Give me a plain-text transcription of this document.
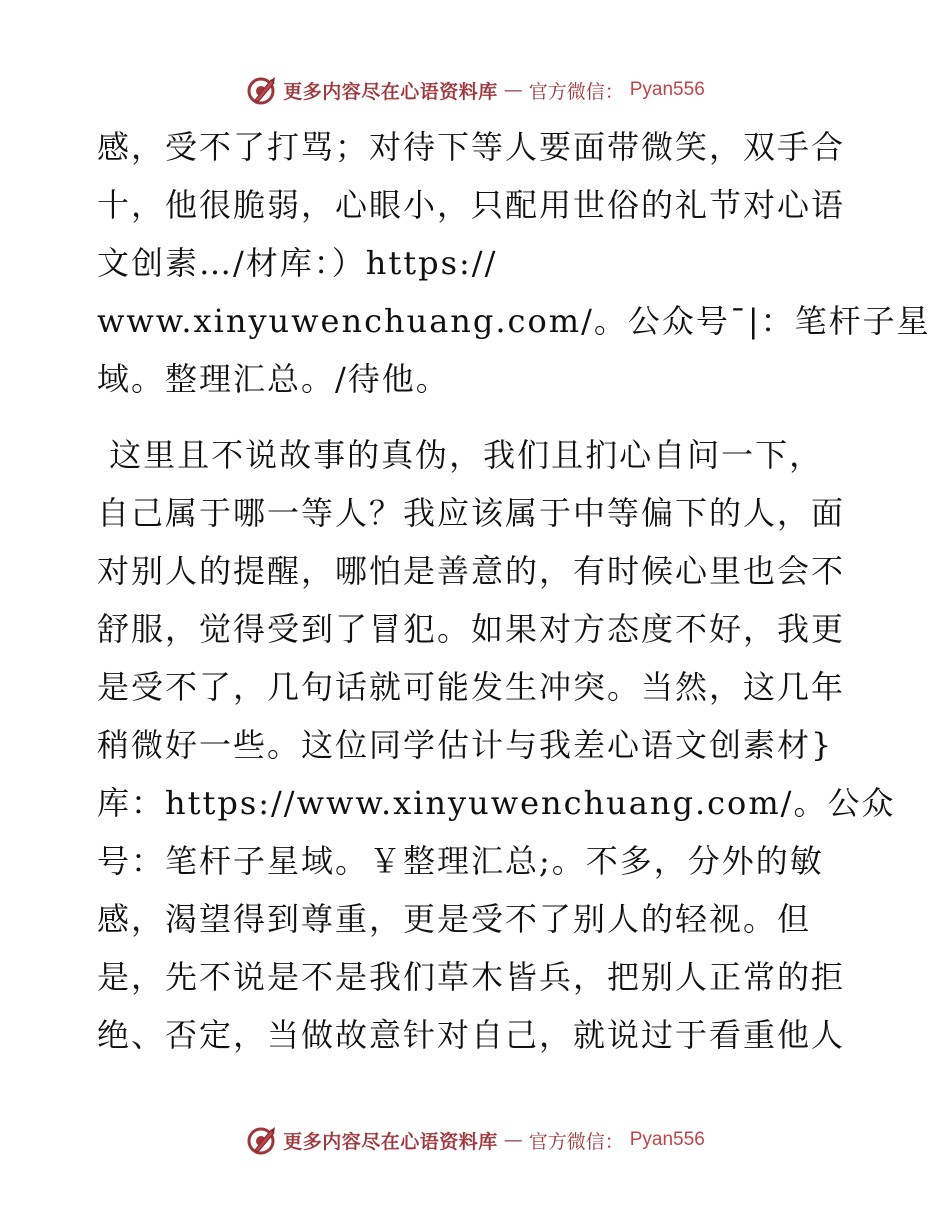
更多内容尽在心语资料库 — 官方微信： Pyan556
感，受不了打骂；对待下等人要面带微笑，双手合
十，他很脆弱，心眼小，只配用世俗的礼节对心语
文创素…/材库：）https://
www.xinyuwenchuang.com/。公众号¯|：笔杆子星
域。整理汇总。/待他。
这里且不说故事的真伪，我们且扪心自问一下，
自己属于哪一等人？我应该属于中等偏下的人，面
对别人的提醒，哪怕是善意的，有时候心里也会不
舒服，觉得受到了冒犯。如果对方态度不好，我更
是受不了，几句话就可能发生冲突。当然，这几年
稍微好一些。这位同学估计与我差心语文创素材}
库：https://www.xinyuwenchuang.com/。公众
号：笔杆子星域。￥整理汇总;。不多，分外的敏
感，渴望得到尊重，更是受不了别人的轻视。但
是，先不说是不是我们草木皆兵，把别人正常的拒
绝、否定，当做故意针对自己，就说过于看重他人
更多内容尽在心语资料库 — 官方微信： Pyan556
